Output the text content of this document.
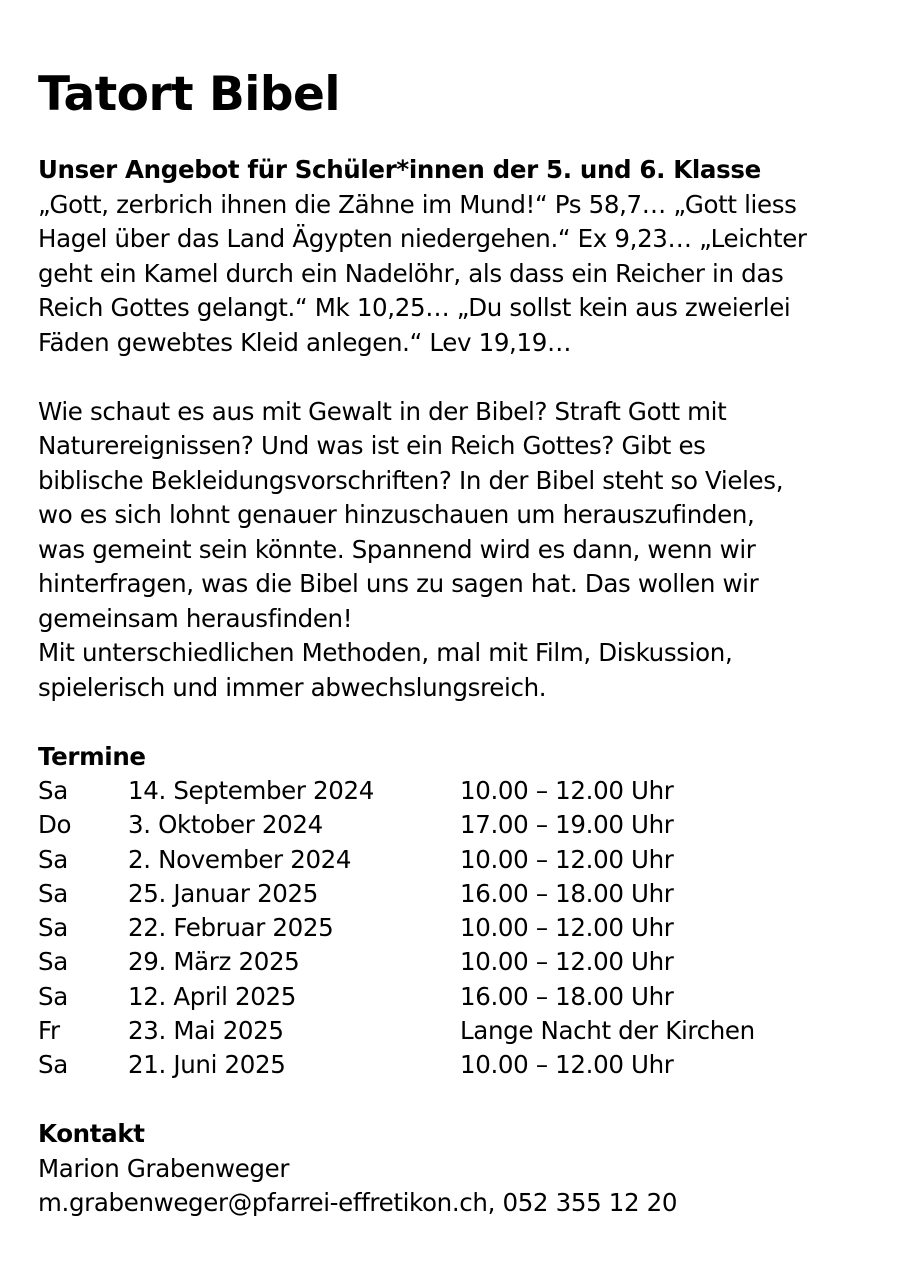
Tatort Bibel
Unser Angebot für Schüler*innen der 5. und 6. Klasse
„Gott, zerbrich ihnen die Zähne im Mund!“ Ps 58,7… „Gott liess
Hagel über das Land Ägypten niedergehen.“ Ex 9,23… „Leichter
geht ein Kamel durch ein Nadelöhr, als dass ein Reicher in das
Reich Gottes gelangt.“ Mk 10,25… „Du sollst kein aus zweierlei
Fäden gewebtes Kleid anlegen.“ Lev 19,19…
Wie schaut es aus mit Gewalt in der Bibel? Straft Gott mit
Naturereignissen? Und was ist ein Reich Gottes? Gibt es
biblische Bekleidungsvorschriften? In der Bibel steht so Vieles,
wo es sich lohnt genauer hinzuschauen um herauszufinden,
was gemeint sein könnte. Spannend wird es dann, wenn wir
hinterfragen, was die Bibel uns zu sagen hat. Das wollen wir
gemeinsam herausfinden!
Mit unterschiedlichen Methoden, mal mit Film, Diskussion,
spielerisch und immer abwechslungsreich.
Termine
Sa	14. September 2024	10.00 – 12.00 Uhr
Do	3. Oktober 2024	17.00 – 19.00 Uhr
Sa	2. November 2024	10.00 – 12.00 Uhr
Sa	25. Januar 2025	16.00 – 18.00 Uhr
Sa	22. Februar 2025	10.00 – 12.00 Uhr
Sa	29. März 2025	10.00 – 12.00 Uhr
Sa	12. April 2025	16.00 – 18.00 Uhr
Fr	23. Mai 2025	Lange Nacht der Kirchen
Sa	21. Juni 2025	10.00 – 12.00 Uhr
Kontakt
Marion Grabenweger
m.grabenweger@pfarrei-effretikon.ch, 052 355 12 20
